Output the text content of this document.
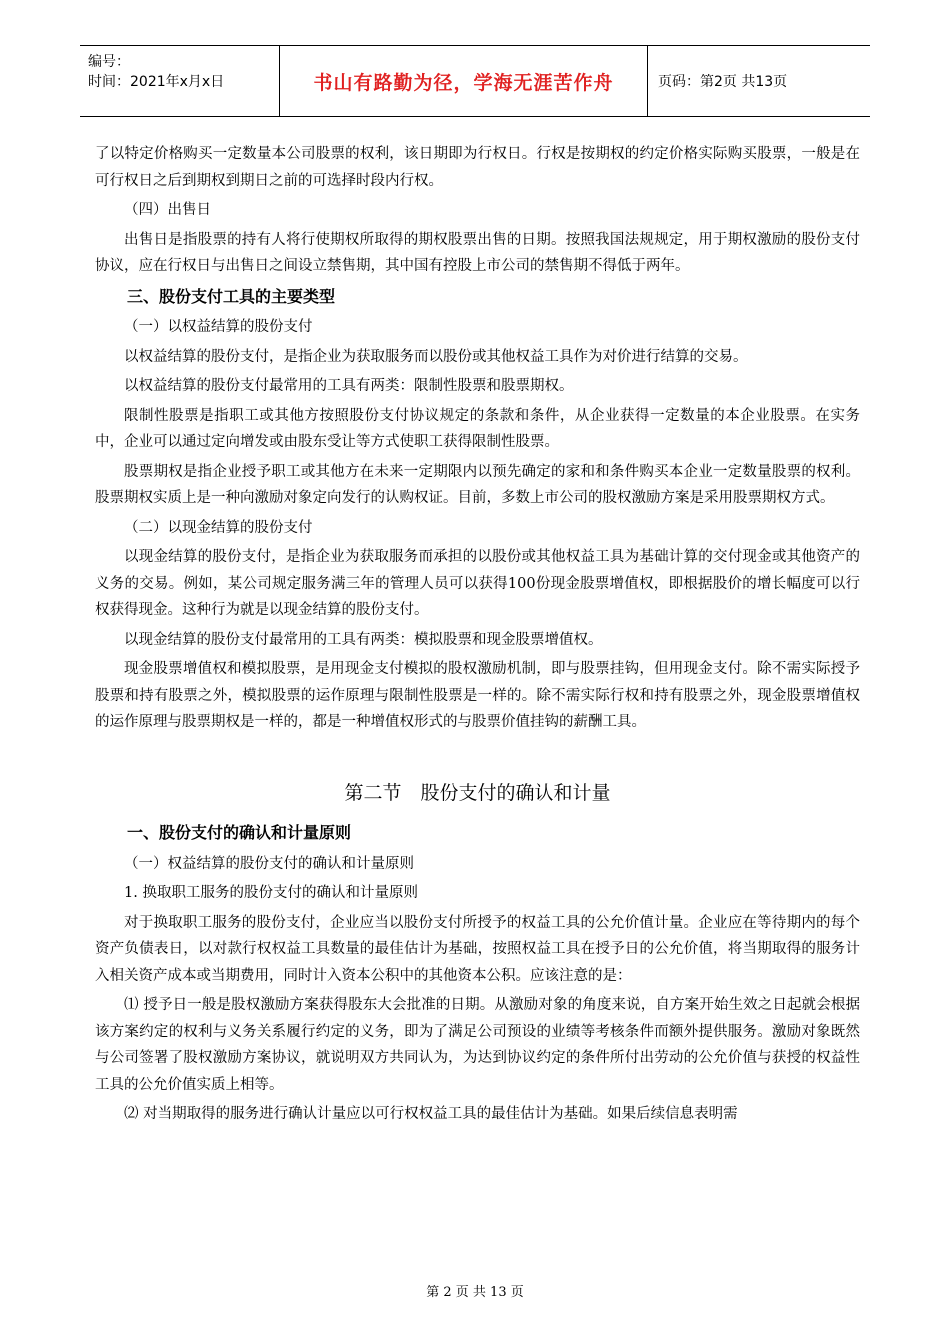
编号：
时间：2021年x月x日	书山有路勤为径，学海无涯苦作舟	页码：第2页 共13页

了以特定价格购买一定数量本公司股票的权利，该日期即为行权日。行权是按期权的约定价格实际购买股票，一般是在可行权日之后到期权到期日之前的可选择时段内行权。

（四）出售日

出售日是指股票的持有人将行使期权所取得的期权股票出售的日期。按照我国法规规定，用于期权激励的股份支付协议，应在行权日与出售日之间设立禁售期，其中国有控股上市公司的禁售期不得低于两年。

三、股份支付工具的主要类型

（一）以权益结算的股份支付

以权益结算的股份支付，是指企业为获取服务而以股份或其他权益工具作为对价进行结算的交易。

以权益结算的股份支付最常用的工具有两类：限制性股票和股票期权。

限制性股票是指职工或其他方按照股份支付协议规定的条款和条件，从企业获得一定数量的本企业股票。在实务中，企业可以通过定向增发或由股东受让等方式使职工获得限制性股票。

股票期权是指企业授予职工或其他方在未来一定期限内以预先确定的家和和条件购买本企业一定数量股票的权利。股票期权实质上是一种向激励对象定向发行的认购权证。目前，多数上市公司的股权激励方案是采用股票期权方式。

（二）以现金结算的股份支付

以现金结算的股份支付，是指企业为获取服务而承担的以股份或其他权益工具为基础计算的交付现金或其他资产的义务的交易。例如，某公司规定服务满三年的管理人员可以获得100份现金股票增值权，即根据股价的增长幅度可以行权获得现金。这种行为就是以现金结算的股份支付。

以现金结算的股份支付最常用的工具有两类：模拟股票和现金股票增值权。

现金股票增值权和模拟股票，是用现金支付模拟的股权激励机制，即与股票挂钩，但用现金支付。除不需实际授予股票和持有股票之外，模拟股票的运作原理与限制性股票是一样的。除不需实际行权和持有股票之外，现金股票增值权的运作原理与股票期权是一样的，都是一种增值权形式的与股票价值挂钩的薪酬工具。

第二节　股份支付的确认和计量

一、股份支付的确认和计量原则

（一）权益结算的股份支付的确认和计量原则

1. 换取职工服务的股份支付的确认和计量原则

对于换取职工服务的股份支付，企业应当以股份支付所授予的权益工具的公允价值计量。企业应在等待期内的每个资产负债表日，以对款行权权益工具数量的最佳估计为基础，按照权益工具在授予日的公允价值，将当期取得的服务计入相关资产成本或当期费用，同时计入资本公积中的其他资本公积。应该注意的是：

⑴ 授予日一般是股权激励方案获得股东大会批准的日期。从激励对象的角度来说，自方案开始生效之日起就会根据该方案约定的权利与义务关系履行约定的义务，即为了满足公司预设的业绩等考核条件而额外提供服务。激励对象既然与公司签署了股权激励方案协议，就说明双方共同认为，为达到协议约定的条件所付出劳动的公允价值与获授的权益性工具的公允价值实质上相等。

⑵ 对当期取得的服务进行确认计量应以可行权权益工具的最佳估计为基础。如果后续信息表明需

第 2 页 共 13 页
